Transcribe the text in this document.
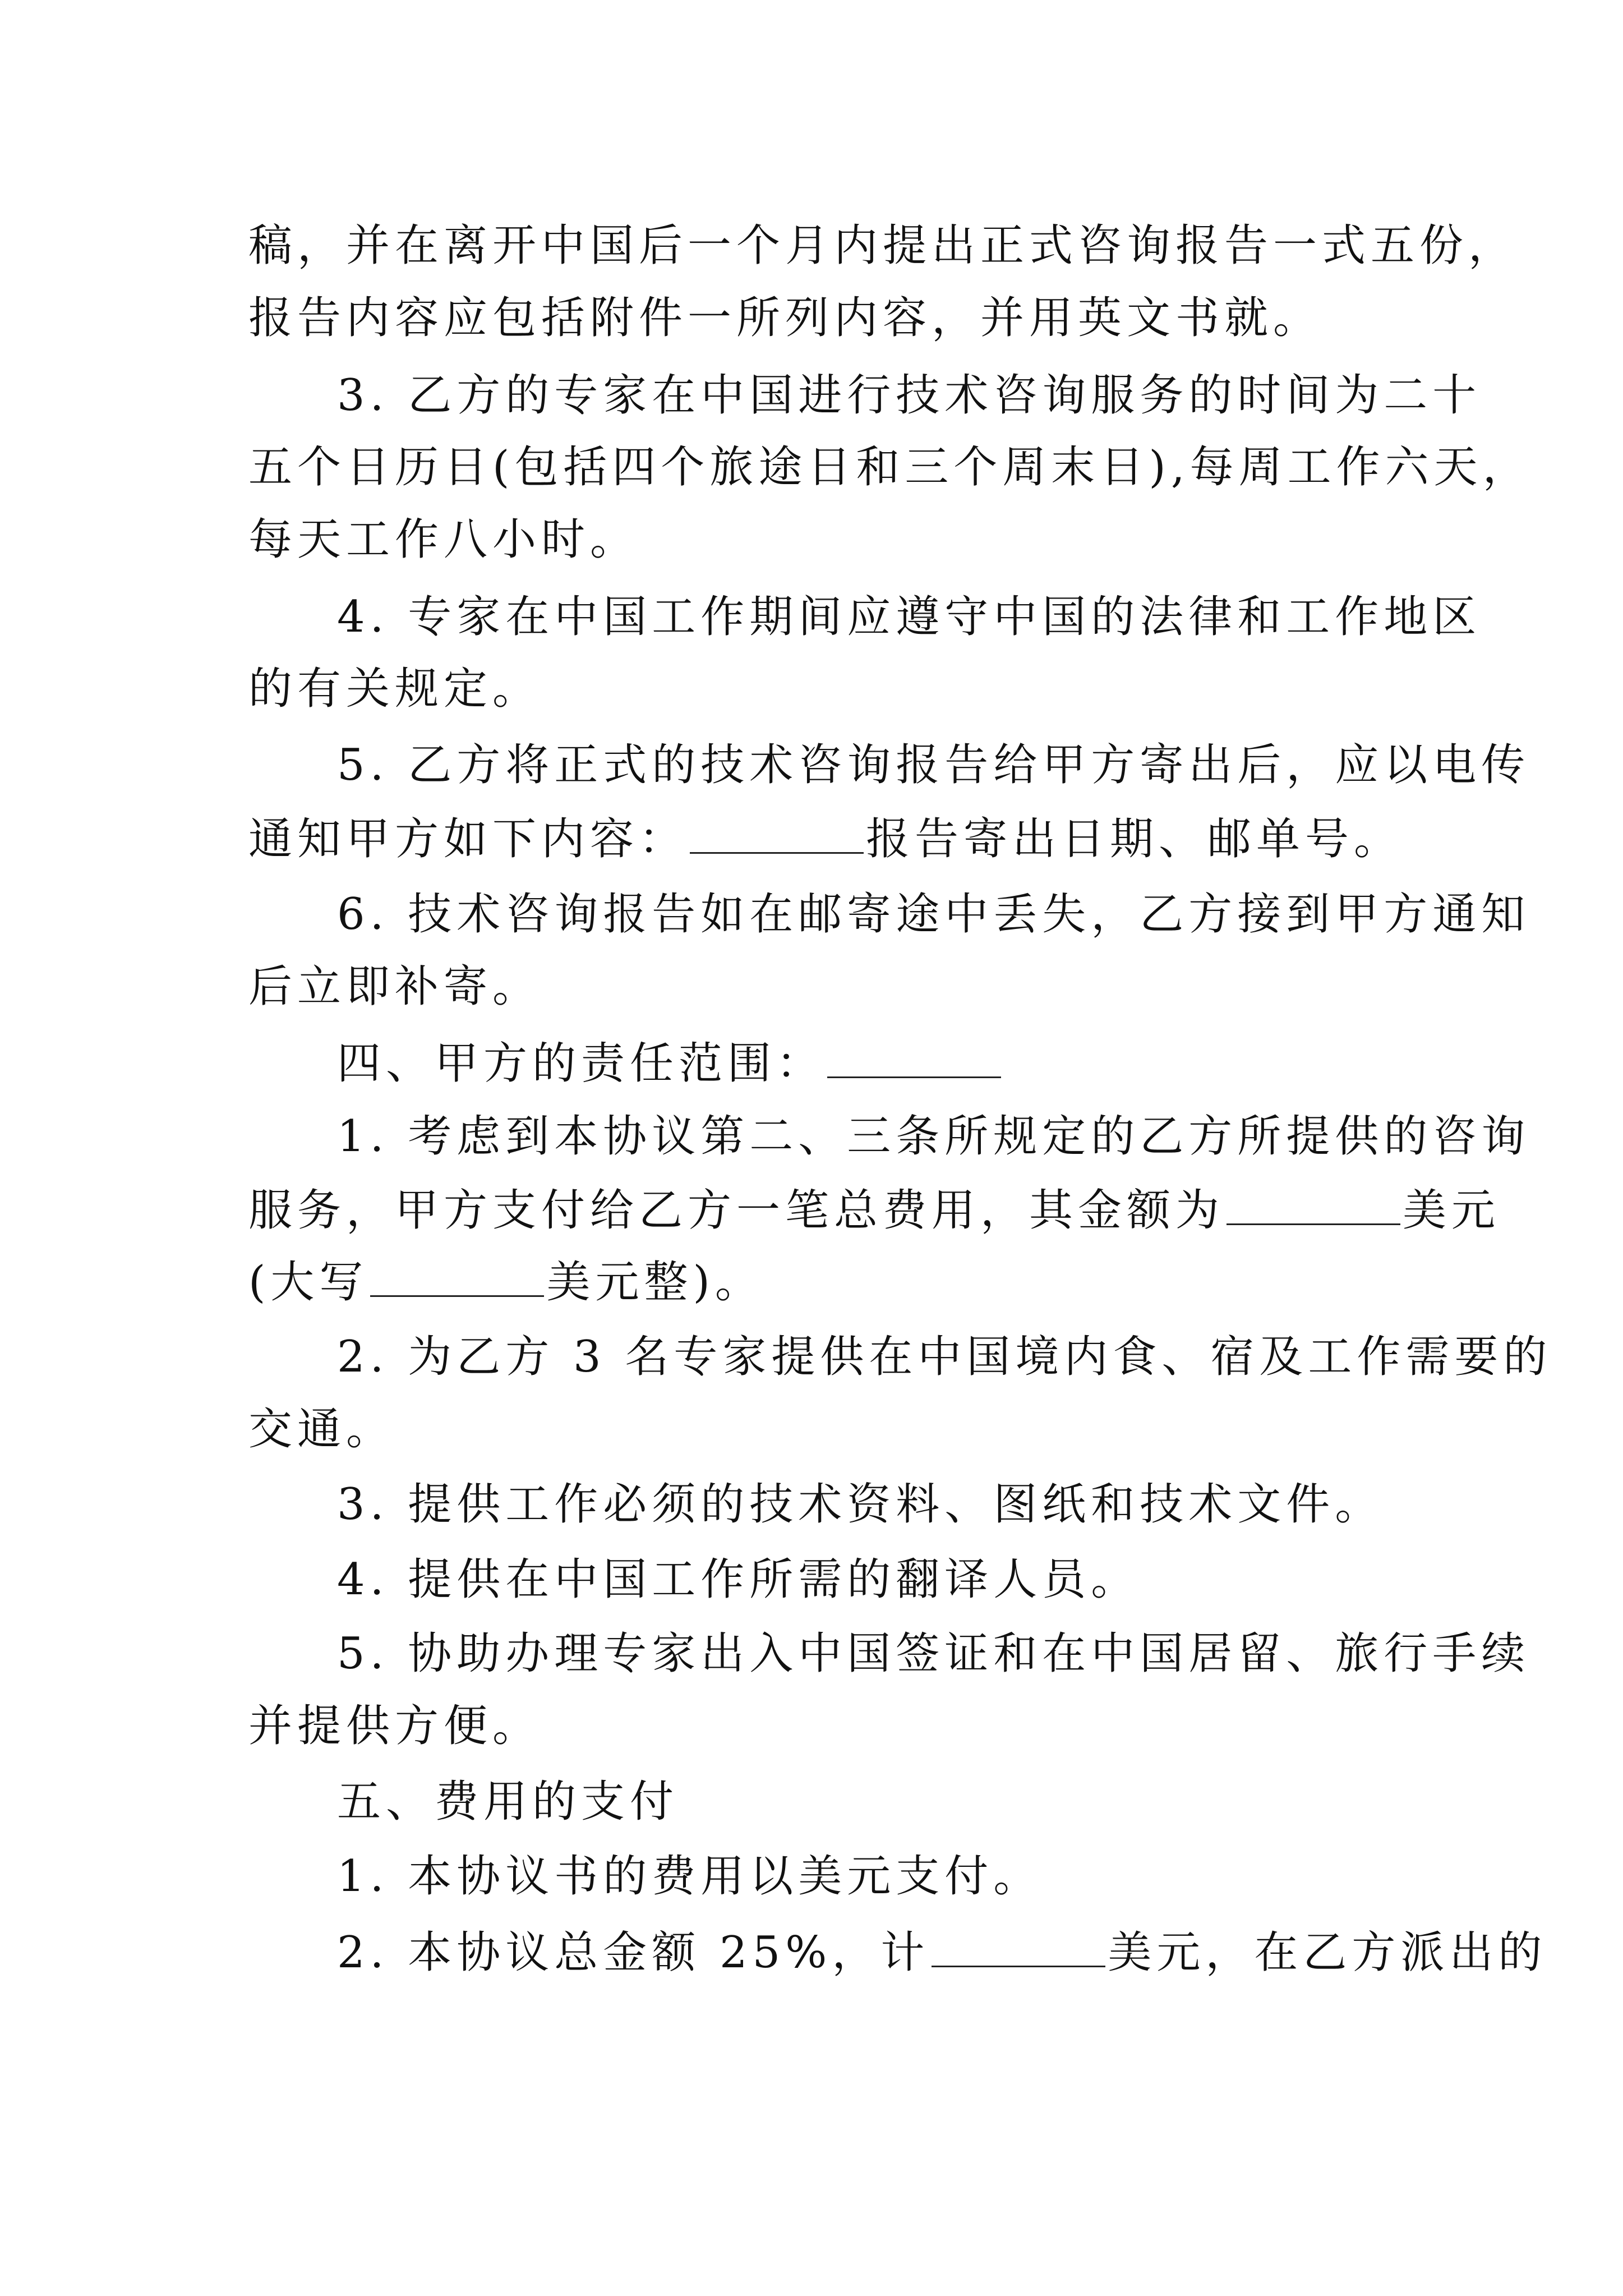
稿，并在离开中国后一个月内提出正式咨询报告一式五份，
报告内容应包括附件一所列内容，并用英文书就。
3. 乙方的专家在中国进行技术咨询服务的时间为二十
五个日历日(包括四个旅途日和三个周末日),每周工作六天，
每天工作八小时。
4. 专家在中国工作期间应遵守中国的法律和工作地区
的有关规定。
5. 乙方将正式的技术咨询报告给甲方寄出后，应以电传
通知甲方如下内容：	报告寄出日期、邮单号。
6. 技术咨询报告如在邮寄途中丢失，乙方接到甲方通知
后立即补寄。
四、甲方的责任范围：
1. 考虑到本协议第二、三条所规定的乙方所提供的咨询
服务，甲方支付给乙方一笔总费用，其金额为	美元
(大写	美元整)。
2. 为乙方 3 名专家提供在中国境内食、宿及工作需要的
交通。
3. 提供工作必须的技术资料、图纸和技术文件。
4. 提供在中国工作所需的翻译人员。
5. 协助办理专家出入中国签证和在中国居留、旅行手续
并提供方便。
五、费用的支付
1. 本协议书的费用以美元支付。
2. 本协议总金额 25%，计	美元，在乙方派出的
